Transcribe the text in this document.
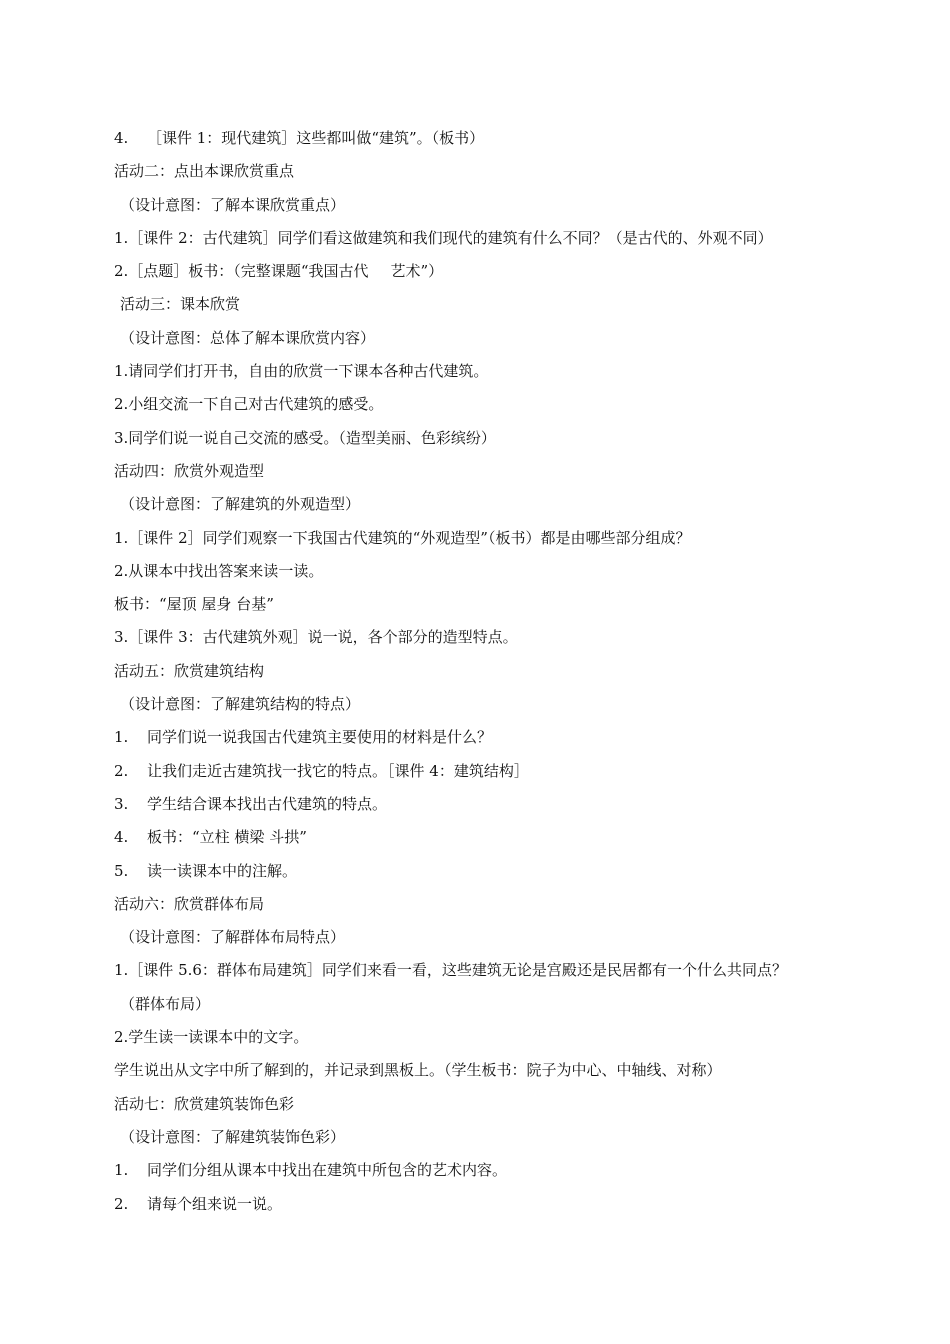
4. ［课件 1：现代建筑］这些都叫做“建筑”。（板书）
活动二：点出本课欣赏重点
（设计意图：了解本课欣赏重点）
1.［课件 2：古代建筑］同学们看这做建筑和我们现代的建筑有什么不同？（是古代的、外观不同）
2.［点题］板书：（完整课题“我国古代 艺术”）
活动三：课本欣赏
（设计意图：总体了解本课欣赏内容）
1.请同学们打开书，自由的欣赏一下课本各种古代建筑。
2.小组交流一下自己对古代建筑的感受。
3.同学们说一说自己交流的感受。（造型美丽、色彩缤纷）
活动四：欣赏外观造型
（设计意图：了解建筑的外观造型）
1.［课件 2］同学们观察一下我国古代建筑的“外观造型”（板书）都是由哪些部分组成？
2.从课本中找出答案来读一读。
板书：“屋顶 屋身 台基”
3.［课件 3：古代建筑外观］说一说，各个部分的造型特点。
活动五：欣赏建筑结构
（设计意图：了解建筑结构的特点）
1. 同学们说一说我国古代建筑主要使用的材料是什么？
2. 让我们走近古建筑找一找它的特点。［课件 4：建筑结构］
3. 学生结合课本找出古代建筑的特点。
4. 板书：“立柱 横梁 斗拱”
5. 读一读课本中的注解。
活动六：欣赏群体布局
（设计意图：了解群体布局特点）
1.［课件 5.6：群体布局建筑］同学们来看一看，这些建筑无论是宫殿还是民居都有一个什么共同点？
（群体布局）
2.学生读一读课本中的文字。
学生说出从文字中所了解到的，并记录到黑板上。（学生板书：院子为中心、中轴线、对称）
活动七：欣赏建筑装饰色彩
（设计意图：了解建筑装饰色彩）
1. 同学们分组从课本中找出在建筑中所包含的艺术内容。
2. 请每个组来说一说。
